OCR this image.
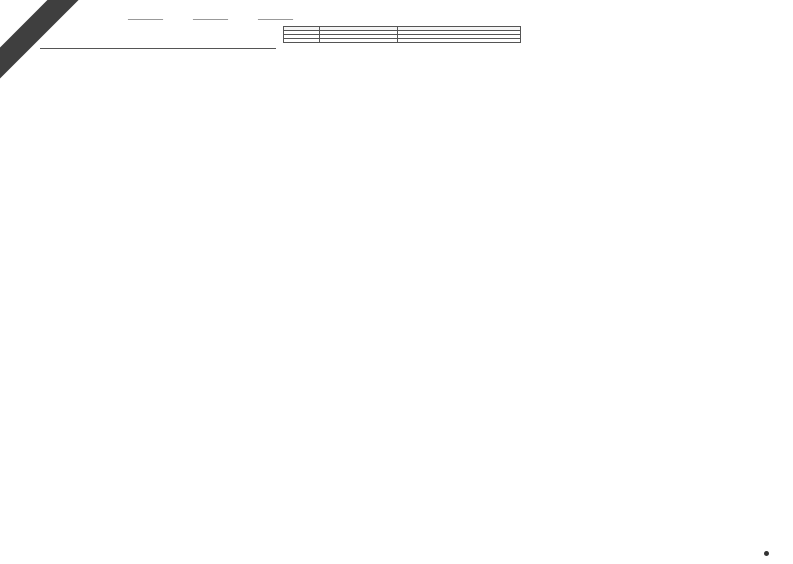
__________	__________	__________
